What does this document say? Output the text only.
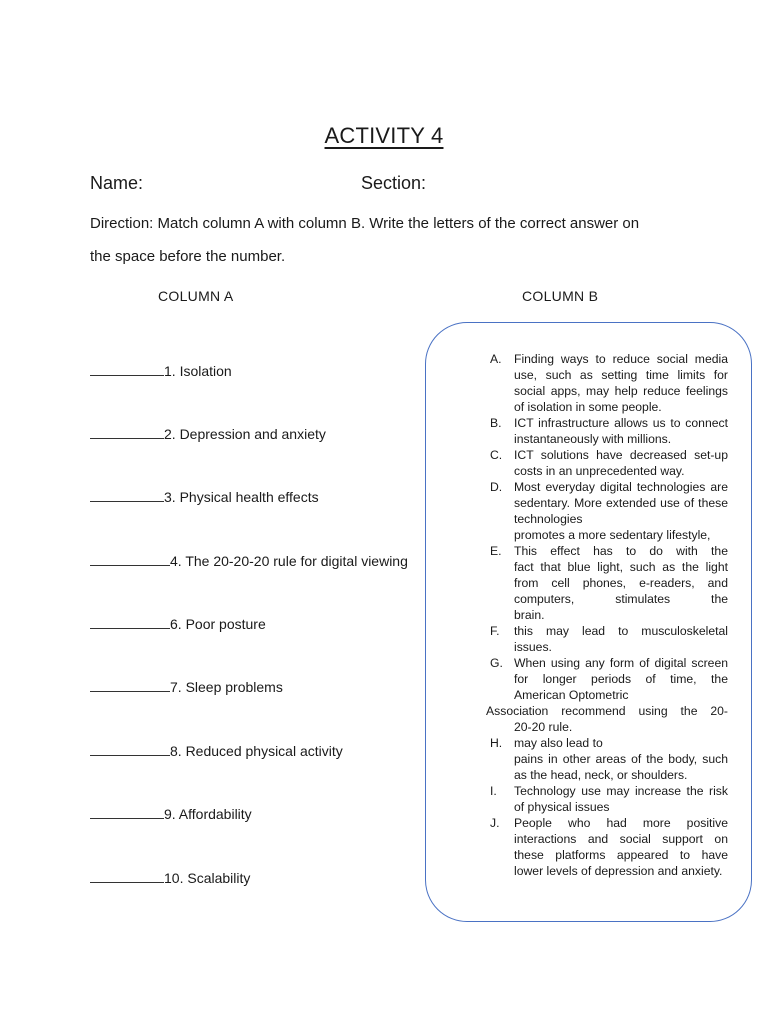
ACTIVITY 4
Name:	Section:
Direction: Match column A with column B. Write the letters of the correct answer on
the space before the number.
COLUMN A	COLUMN B
1. Isolation
2. Depression and anxiety
3. Physical health effects
4. The 20-20-20 rule for digital viewing
6. Poor posture
7. Sleep problems
8. Reduced physical activity
9. Affordability
10. Scalability
A. Finding ways to reduce social media
use, such as setting time limits for
social apps, may help reduce feelings
of isolation in some people.
B. ICT infrastructure allows us to connect
instantaneously with millions.
C. ICT solutions have decreased set-up
costs in an unprecedented way.
D. Most everyday digital technologies are
sedentary. More extended use of these
technologies
promotes a more sedentary lifestyle,
E. This effect has to do with the
fact that blue light, such as the light
from cell phones, e-readers, and
computers, stimulates the
brain.
F. this may lead to musculoskeletal
issues.
G. When using any form of digital screen
for longer periods of time, the
American Optometric
Association recommend using the 20-
20-20 rule.
H. may also lead to
pains in other areas of the body, such
as the head, neck, or shoulders.
I. Technology use may increase the risk
of physical issues
J. People who had more positive
interactions and social support on
these platforms appeared to have
lower levels of depression and anxiety.
